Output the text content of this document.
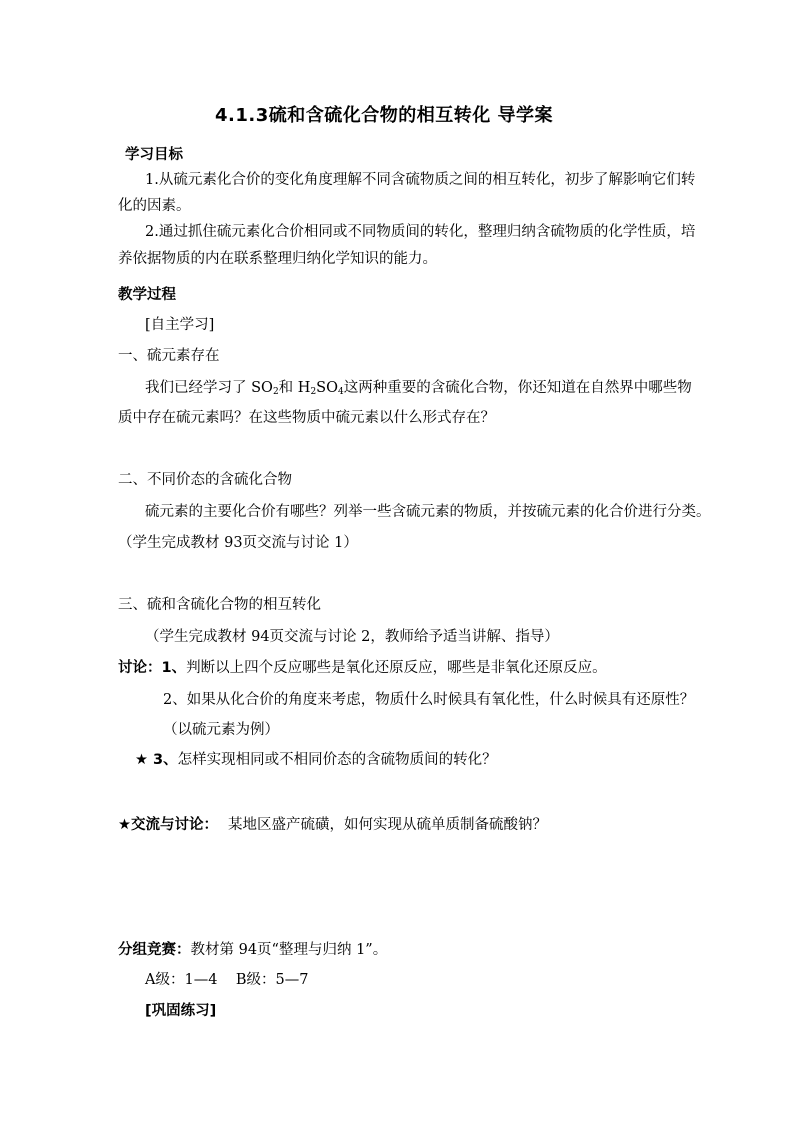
4.1.3硫和含硫化合物的相互转化 导学案
学习目标
1.从硫元素化合价的变化角度理解不同含硫物质之间的相互转化，初步了解影响它们转
化的因素。
2.通过抓住硫元素化合价相同或不同物质间的转化，整理归纳含硫物质的化学性质，培
养依据物质的内在联系整理归纳化学知识的能力。
教学过程
[自主学习]
一、硫元素存在
我们已经学习了 $SO_2$和 $H_2SO_4$这两种重要的含硫化合物，你还知道在自然界中哪些物
质中存在硫元素吗？在这些物质中硫元素以什么形式存在？
二、不同价态的含硫化合物
硫元素的主要化合价有哪些？列举一些含硫元素的物质，并按硫元素的化合价进行分类。
（学生完成教材 93页交流与讨论 1）
三、硫和含硫化合物的相互转化
（学生完成教材 94页交流与讨论 2，教师给予适当讲解、指导）
讨论：1、判断以上四个反应哪些是氧化还原反应，哪些是非氧化还原反应。
2、如果从化合价的角度来考虑，物质什么时候具有氧化性，什么时候具有还原性？
（以硫元素为例）
★ 3、怎样实现相同或不相同价态的含硫物质间的转化？
★交流与讨论： 某地区盛产硫磺，如何实现从硫单质制备硫酸钠？
分组竞赛：教材第 94页“整理与归纳 1”。
A级：1—4    B级：5—7
[巩固练习]
